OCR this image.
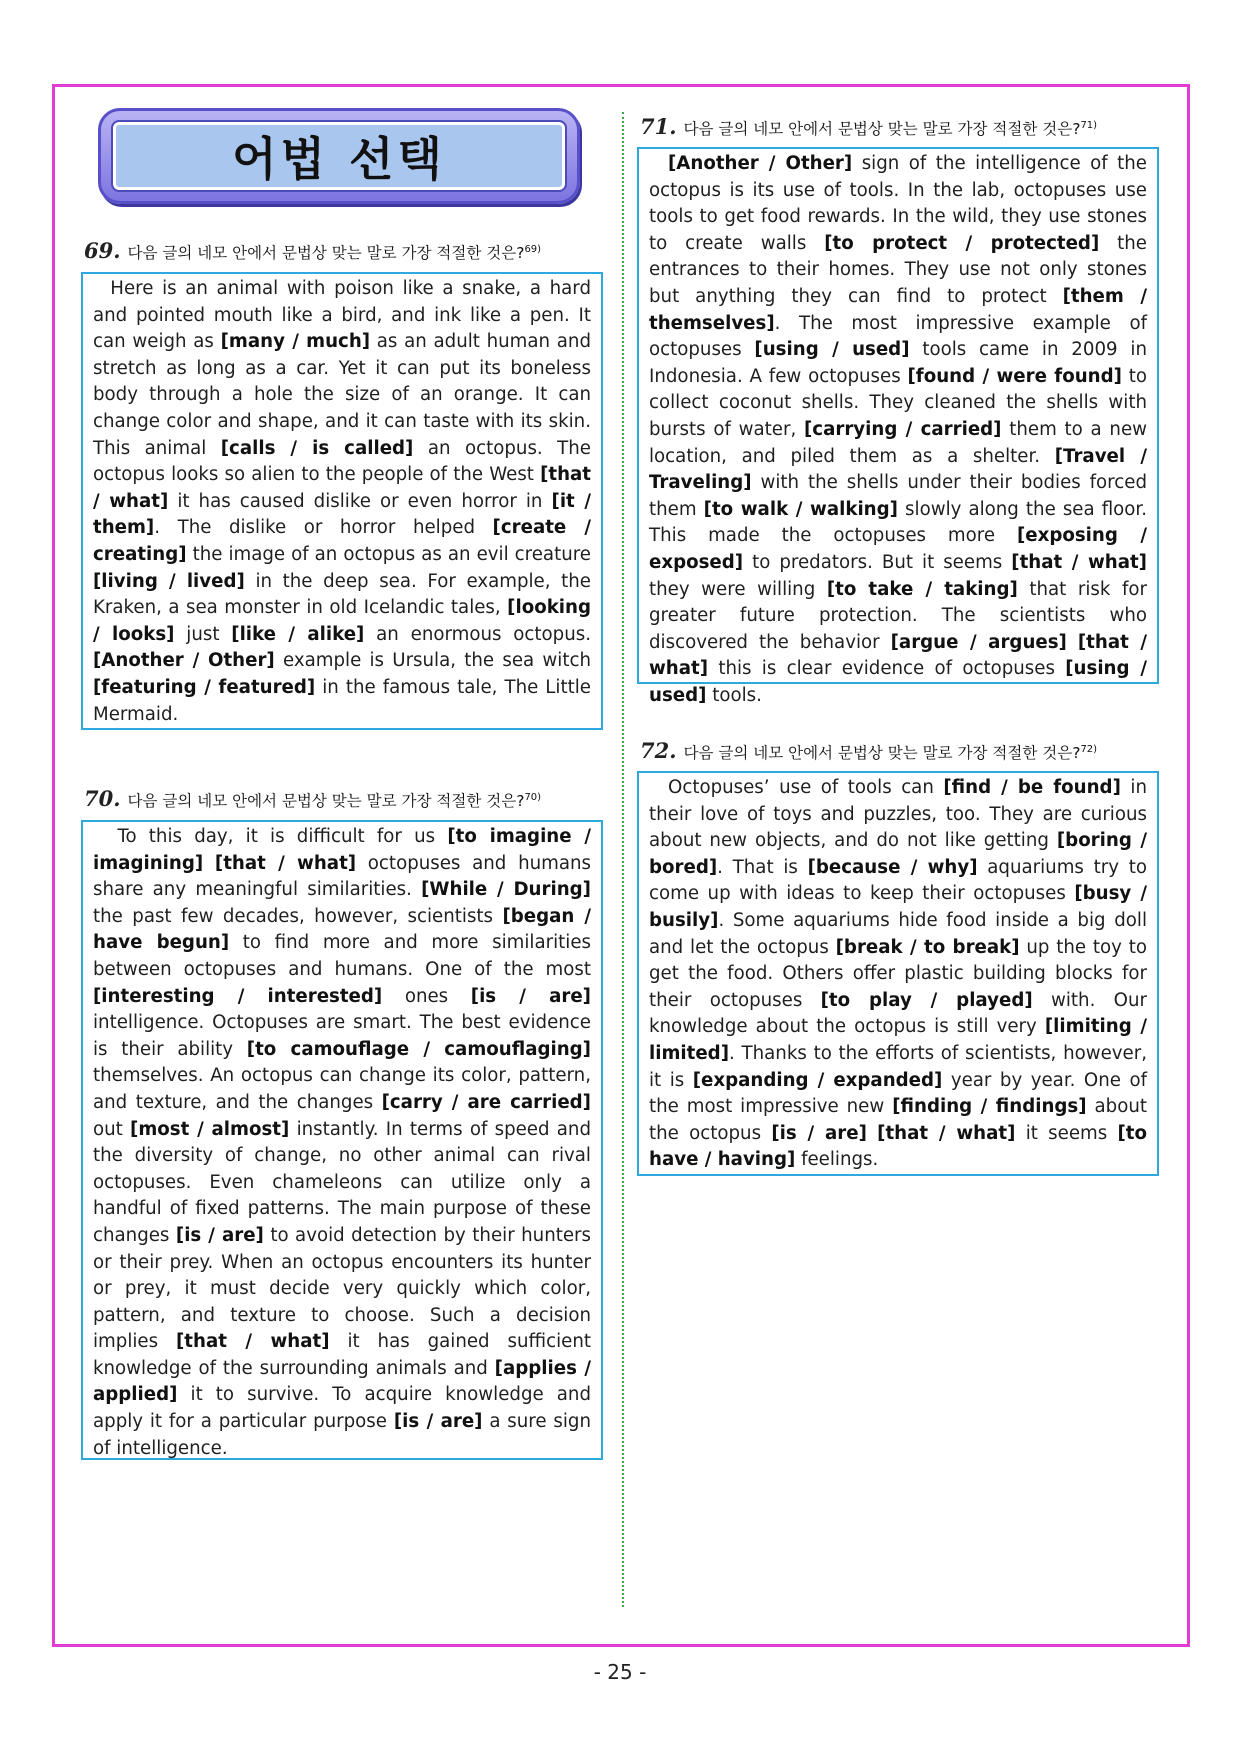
어법 선택
69. 다음 글의 네모 안에서 문법상 맞는 말로 가장 적절한 것은?$^{69)}$
Here is an animal with poison like a snake, a hard and pointed mouth like a bird, and ink like a pen. It can weigh as [many / much] as an adult human and stretch as long as a car. Yet it can put its boneless body through a hole the size of an orange. It can change color and shape, and it can taste with its skin. This animal [calls / is called] an octopus. The octopus looks so alien to the people of the West [that / what] it has caused dislike or even horror in [it / them]. The dislike or horror helped [create / creating] the image of an octopus as an evil creature [living / lived] in the deep sea. For example, the Kraken, a sea monster in old Icelandic tales, [looking / looks] just [like / alike] an enormous octopus. [Another / Other] example is Ursula, the sea witch [featuring / featured] in the famous tale, The Little Mermaid.
70. 다음 글의 네모 안에서 문법상 맞는 말로 가장 적절한 것은?$^{70)}$
To this day, it is difficult for us [to imagine / imagining] [that / what] octopuses and humans share any meaningful similarities. [While / During] the past few decades, however, scientists [began / have begun] to find more and more similarities between octopuses and humans. One of the most [interesting / interested] ones [is / are] intelligence. Octopuses are smart. The best evidence is their ability [to camouflage / camouflaging] themselves. An octopus can change its color, pattern, and texture, and the changes [carry / are carried] out [most / almost] instantly. In terms of speed and the diversity of change, no other animal can rival octopuses. Even chameleons can utilize only a handful of fixed patterns. The main purpose of these changes [is / are] to avoid detection by their hunters or their prey. When an octopus encounters its hunter or prey, it must decide very quickly which color, pattern, and texture to choose. Such a decision implies [that / what] it has gained sufficient knowledge of the surrounding animals and [applies / applied] it to survive. To acquire knowledge and apply it for a particular purpose [is / are] a sure sign of intelligence.
71. 다음 글의 네모 안에서 문법상 맞는 말로 가장 적절한 것은?$^{71)}$
[Another / Other] sign of the intelligence of the octopus is its use of tools. In the lab, octopuses use tools to get food rewards. In the wild, they use stones to create walls [to protect / protected] the entrances to their homes. They use not only stones but anything they can find to protect [them / themselves]. The most impressive example of octopuses [using / used] tools came in 2009 in Indonesia. A few octopuses [found / were found] to collect coconut shells. They cleaned the shells with bursts of water, [carrying / carried] them to a new location, and piled them as a shelter. [Travel / Traveling] with the shells under their bodies forced them [to walk / walking] slowly along the sea floor. This made the octopuses more [exposing / exposed] to predators. But it seems [that / what] they were willing [to take / taking] that risk for greater future protection. The scientists who discovered the behavior [argue / argues] [that / what] this is clear evidence of octopuses [using / used] tools.
72. 다음 글의 네모 안에서 문법상 맞는 말로 가장 적절한 것은?$^{72)}$
Octopuses’ use of tools can [find / be found] in their love of toys and puzzles, too. They are curious about new objects, and do not like getting [boring / bored]. That is [because / why] aquariums try to come up with ideas to keep their octopuses [busy / busily]. Some aquariums hide food inside a big doll and let the octopus [break / to break] up the toy to get the food. Others offer plastic building blocks for their octopuses [to play / played] with. Our knowledge about the octopus is still very [limiting / limited]. Thanks to the efforts of scientists, however, it is [expanding / expanded] year by year. One of the most impressive new [finding / findings] about the octopus [is / are] [that / what] it seems [to have / having] feelings.
- 25 -
